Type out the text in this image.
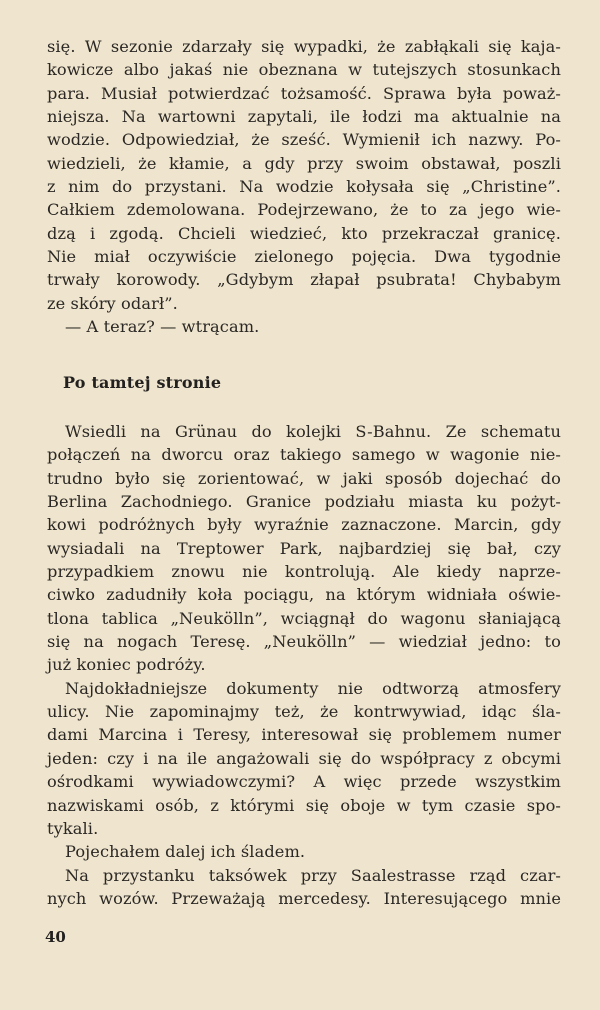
się. W sezonie zdarzały się wypadki, że zabłąkali się kaja-
kowicze albo jakaś nie obeznana w tutejszych stosunkach
para. Musiał potwierdzać tożsamość. Sprawa była poważ-
niejsza. Na wartowni zapytali, ile łodzi ma aktualnie na
wodzie. Odpowiedział, że sześć. Wymienił ich nazwy. Po-
wiedzieli, że kłamie, a gdy przy swoim obstawał, poszli
z nim do przystani. Na wodzie kołysała się „Christine”.
Całkiem zdemolowana. Podejrzewano, że to za jego wie-
dzą i zgodą. Chcieli wiedzieć, kto przekraczał granicę.
Nie miał oczywiście zielonego pojęcia. Dwa tygodnie
trwały korowody. „Gdybym złapał psubrata! Chybabym
ze skóry odarł”.
— A teraz? — wtrącam.
Po tamtej stronie
Wsiedli na Grünau do kolejki S-Bahnu. Ze schematu
połączeń na dworcu oraz takiego samego w wagonie nie-
trudno było się zorientować, w jaki sposób dojechać do
Berlina Zachodniego. Granice podziału miasta ku pożyt-
kowi podróżnych były wyraźnie zaznaczone. Marcin, gdy
wysiadali na Treptower Park, najbardziej się bał, czy
przypadkiem znowu nie kontrolują. Ale kiedy naprze-
ciwko zadudniły koła pociągu, na którym widniała oświe-
tlona tablica „Neukölln”, wciągnął do wagonu słaniającą
się na nogach Teresę. „Neukölln” — wiedział jedno: to
już koniec podróży.
Najdokładniejsze dokumenty nie odtworzą atmosfery
ulicy. Nie zapominajmy też, że kontrwywiad, idąc śla-
dami Marcina i Teresy, interesował się problemem numer
jeden: czy i na ile angażowali się do współpracy z obcymi
ośrodkami wywiadowczymi? A więc przede wszystkim
nazwiskami osób, z którymi się oboje w tym czasie spo-
tykali.
Pojechałem dalej ich śladem.
Na przystanku taksówek przy Saalestrasse rząd czar-
nych wozów. Przeważają mercedesy. Interesującego mnie
40
